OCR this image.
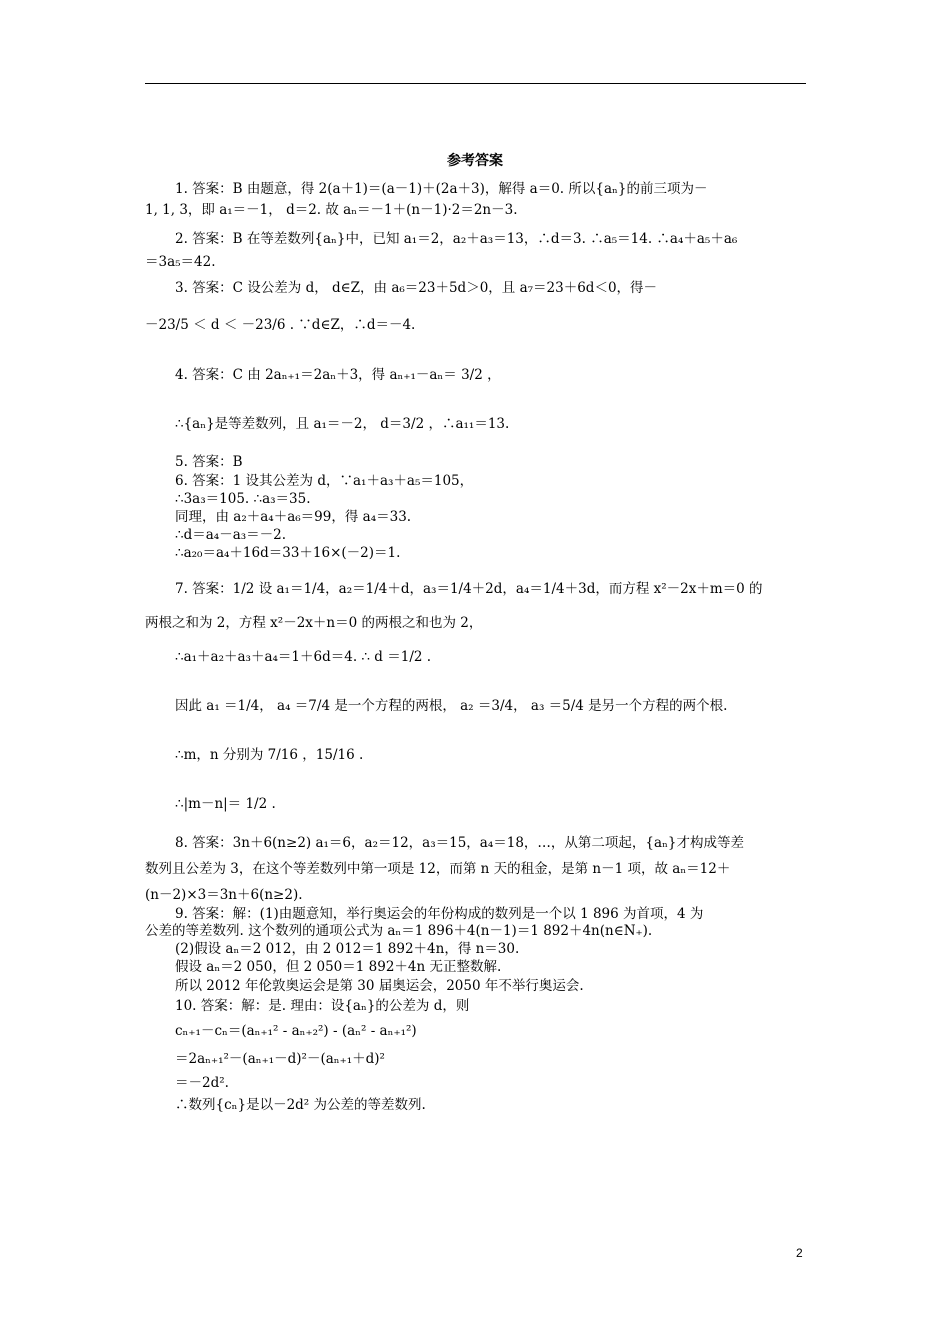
参考答案
1. 答案：B 由题意，得 2(a＋1)＝(a－1)＋(2a＋3)，解得 a＝0. 所以{aₙ}的前三项为－
1, 1, 3，即 a₁＝－1， d＝2. 故 aₙ＝－1＋(n－1)·2＝2n－3.
2. 答案：B 在等差数列{aₙ}中，已知 a₁＝2，a₂＋a₃＝13，∴d＝3. ∴a₅＝14. ∴a₄＋a₅＋a₆
＝3a₅＝42.
3. 答案：C 设公差为 d， d∈Z，由 a₆＝23＋5d＞0，且 a₇＝23＋6d＜0，得－
－23/5 ＜ d ＜ －23/6 . ∵d∈Z，∴d＝－4.
4. 答案：C 由 2aₙ₊₁＝2aₙ＋3，得 aₙ₊₁－aₙ＝ 3/2 ，
∴{aₙ}是等差数列，且 a₁＝－2， d＝3/2 ，∴a₁₁＝13.
5. 答案：B
6. 答案：1 设其公差为 d，∵a₁＋a₃＋a₅＝105，
∴3a₃＝105. ∴a₃＝35.
同理，由 a₂＋a₄＋a₆＝99，得 a₄＝33.
∴d＝a₄－a₃＝－2.
∴a₂₀＝a₄＋16d＝33＋16×(－2)＝1.
7. 答案：1/2 设 a₁＝1/4，a₂＝1/4＋d，a₃＝1/4＋2d，a₄＝1/4＋3d，而方程 x²－2x＋m＝0 的
两根之和为 2，方程 x²－2x＋n＝0 的两根之和也为 2，
∴a₁＋a₂＋a₃＋a₄＝1＋6d＝4. ∴ d ＝1/2 .
因此 a₁ ＝1/4， a₄ ＝7/4 是一个方程的两根， a₂ ＝3/4， a₃ ＝5/4 是另一个方程的两个根.
∴m，n 分别为 7/16 ，15/16 .
∴|m－n|＝ 1/2 .
8. 答案：3n＋6(n≥2) a₁＝6，a₂＝12，a₃＝15，a₄＝18，…，从第二项起，{aₙ}才构成等差
数列且公差为 3，在这个等差数列中第一项是 12，而第 n 天的租金，是第 n－1 项，故 aₙ＝12＋
(n－2)×3＝3n＋6(n≥2).
9. 答案：解：(1)由题意知，举行奥运会的年份构成的数列是一个以 1 896 为首项，4 为
公差的等差数列. 这个数列的通项公式为 aₙ＝1 896＋4(n－1)＝1 892＋4n(n∈N₊).
(2)假设 aₙ＝2 012，由 2 012＝1 892＋4n，得 n＝30.
假设 aₙ＝2 050，但 2 050＝1 892＋4n 无正整数解.
所以 2012 年伦敦奥运会是第 30 届奥运会，2050 年不举行奥运会.
10. 答案：解：是. 理由：设{aₙ}的公差为 d，则
cₙ₊₁－cₙ＝(aₙ₊₁² - aₙ₊₂²) - (aₙ² - aₙ₊₁²)
＝2aₙ₊₁²－(aₙ₊₁－d)²－(aₙ₊₁＋d)²
＝－2d².
∴数列{cₙ}是以－2d² 为公差的等差数列.
2
